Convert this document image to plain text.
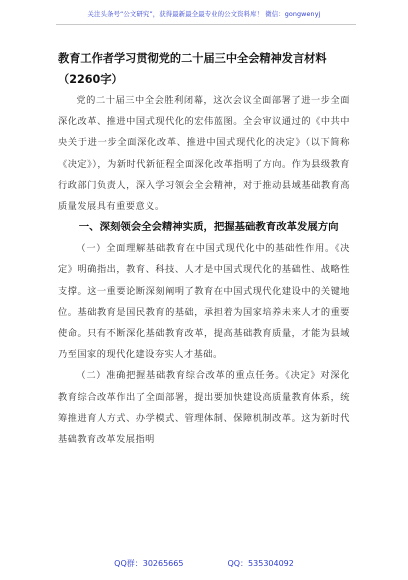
关注头条号“公文研究”，获得最新最全最专业的公文资料库！ 微信：gongwenyj

教育工作者学习贯彻党的二十届三中全会精神发言材料

（2260字）

党的二十届三中全会胜利闭幕，这次会议全面部署了进一步全面深化改革、推进中国式现代化的宏伟蓝图。全会审议通过的《中共中央关于进一步全面深化改革、推进中国式现代化的决定》（以下简称《决定》），为新时代新征程全面深化改革指明了方向。作为县级教育行政部门负责人，深入学习领会全会精神，对于推动县域基础教育高质量发展具有重要意义。

一、深刻领会全会精神实质，把握基础教育改革发展方向

（一）全面理解基础教育在中国式现代化中的基础性作用。《决定》明确指出，教育、科技、人才是中国式现代化的基础性、战略性支撑。这一重要论断深刻阐明了教育在中国式现代化建设中的关键地位。基础教育是国民教育的基础，承担着为国家培养未来人才的重要使命。只有不断深化基础教育改革，提高基础教育质量，才能为县域乃至国家的现代化建设夯实人才基础。

（二）准确把握基础教育综合改革的重点任务。《决定》对深化教育综合改革作出了全面部署，提出要加快建设高质量教育体系，统筹推进育人方式、办学模式、管理体制、保障机制改革。这为新时代基础教育改革发展指明

QQ群：30265665	QQ：535304092
